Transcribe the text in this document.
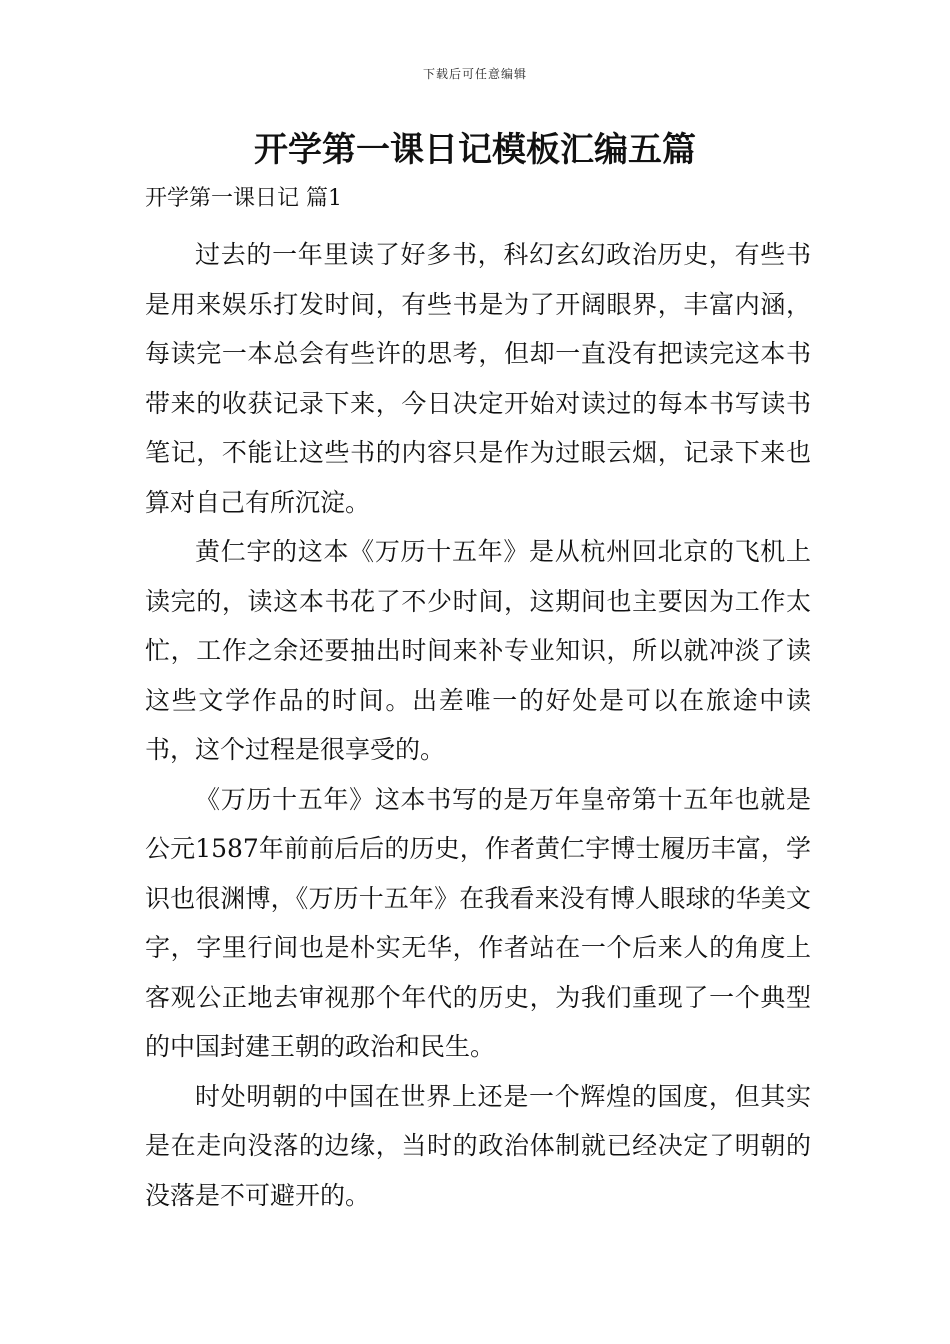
下载后可任意编辑
开学第一课日记模板汇编五篇
开学第一课日记 篇1

过去的一年里读了好多书，科幻玄幻政治历史，有些书是用来娱乐打发时间，有些书是为了开阔眼界，丰富内涵，每读完一本总会有些许的思考，但却一直没有把读完这本书带来的收获记录下来，今日决定开始对读过的每本书写读书笔记，不能让这些书的内容只是作为过眼云烟，记录下来也算对自己有所沉淀。

黄仁宇的这本《万历十五年》是从杭州回北京的飞机上读完的，读这本书花了不少时间，这期间也主要因为工作太忙，工作之余还要抽出时间来补专业知识，所以就冲淡了读这些文学作品的时间。出差唯一的好处是可以在旅途中读书，这个过程是很享受的。

《万历十五年》这本书写的是万年皇帝第十五年也就是公元1587年前前后后的历史，作者黄仁宇博士履历丰富，学识也很渊博，《万历十五年》在我看来没有博人眼球的华美文字，字里行间也是朴实无华，作者站在一个后来人的角度上客观公正地去审视那个年代的历史，为我们重现了一个典型的中国封建王朝的政治和民生。

时处明朝的中国在世界上还是一个辉煌的国度，但其实是在走向没落的边缘，当时的政治体制就已经决定了明朝的没落是不可避开的。
